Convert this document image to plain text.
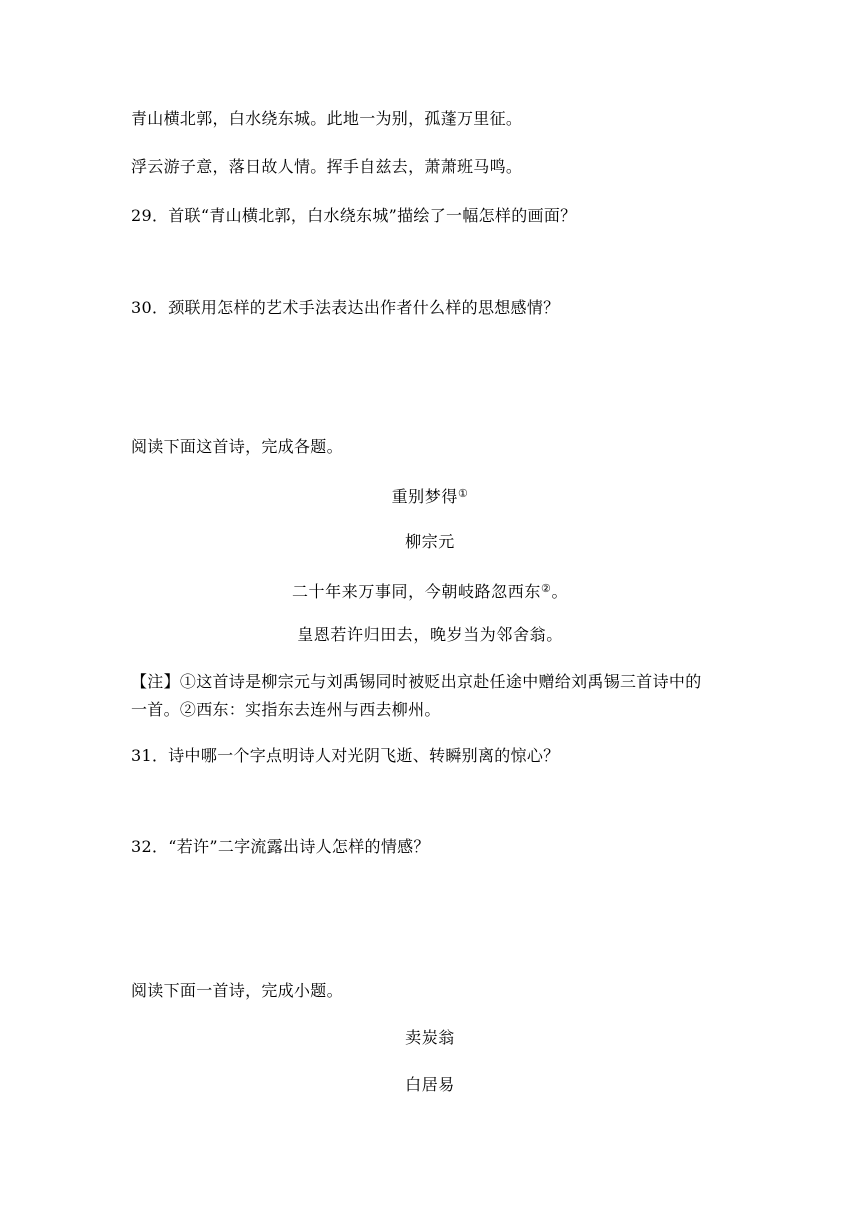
青山横北郭，白水绕东城。此地一为别，孤蓬万里征。
浮云游子意，落日故人情。挥手自兹去，萧萧班马鸣。
29．首联“青山横北郭，白水绕东城”描绘了一幅怎样的画面？
30．颈联用怎样的艺术手法表达出作者什么样的思想感情？
阅读下面这首诗，完成各题。
重别梦得①
柳宗元
二十年来万事同，今朝岐路忽西东②。
皇恩若许归田去，晚岁当为邻舍翁。
【注】①这首诗是柳宗元与刘禹锡同时被贬出京赴任途中赠给刘禹锡三首诗中的
一首。②西东：实指东去连州与西去柳州。
31．诗中哪一个字点明诗人对光阴飞逝、转瞬别离的惊心？
32．“若许”二字流露出诗人怎样的情感？
阅读下面一首诗，完成小题。
卖炭翁
白居易
